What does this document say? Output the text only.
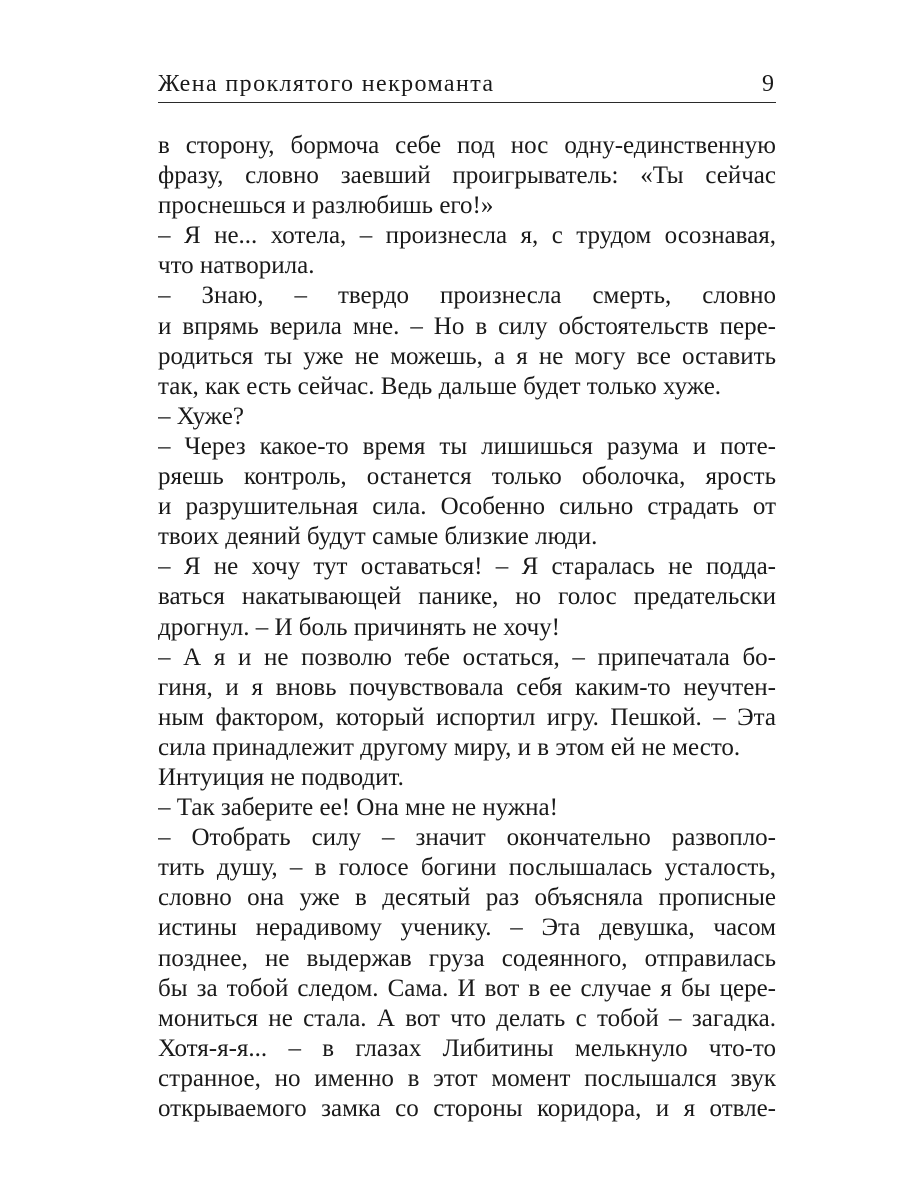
Жена проклятого некроманта	9
в сторону, бормоча себе под нос одну-единственную
фразу, словно заевший проигрыватель: «Ты сейчас
проснешься и разлюбишь его!»
– Я не... хотела, – произнесла я, с трудом осознавая,
что натворила.
– Знаю, – твердо произнесла смерть, словно
и впрямь верила мне. – Но в силу обстоятельств пере-
родиться ты уже не можешь, а я не могу все оставить
так, как есть сейчас. Ведь дальше будет только хуже.
– Хуже?
– Через какое-то время ты лишишься разума и поте-
ряешь контроль, останется только оболочка, ярость
и разрушительная сила. Особенно сильно страдать от
твоих деяний будут самые близкие люди.
– Я не хочу тут оставаться! – Я старалась не подда-
ваться накатывающей панике, но голос предательски
дрогнул. – И боль причинять не хочу!
– А я и не позволю тебе остаться, – припечатала бо-
гиня, и я вновь почувствовала себя каким-то неучтен-
ным фактором, который испортил игру. Пешкой. – Эта
сила принадлежит другому миру, и в этом ей не место.
Интуиция не подводит.
– Так заберите ее! Она мне не нужна!
– Отобрать силу – значит окончательно развопло-
тить душу, – в голосе богини послышалась усталость,
словно она уже в десятый раз объясняла прописные
истины нерадивому ученику. – Эта девушка, часом
позднее, не выдержав груза содеянного, отправилась
бы за тобой следом. Сама. И вот в ее случае я бы цере-
мониться не стала. А вот что делать с тобой – загадка.
Хотя-я-я... – в глазах Либитины мелькнуло что-то
странное, но именно в этот момент послышался звук
открываемого замка со стороны коридора, и я отвле-
